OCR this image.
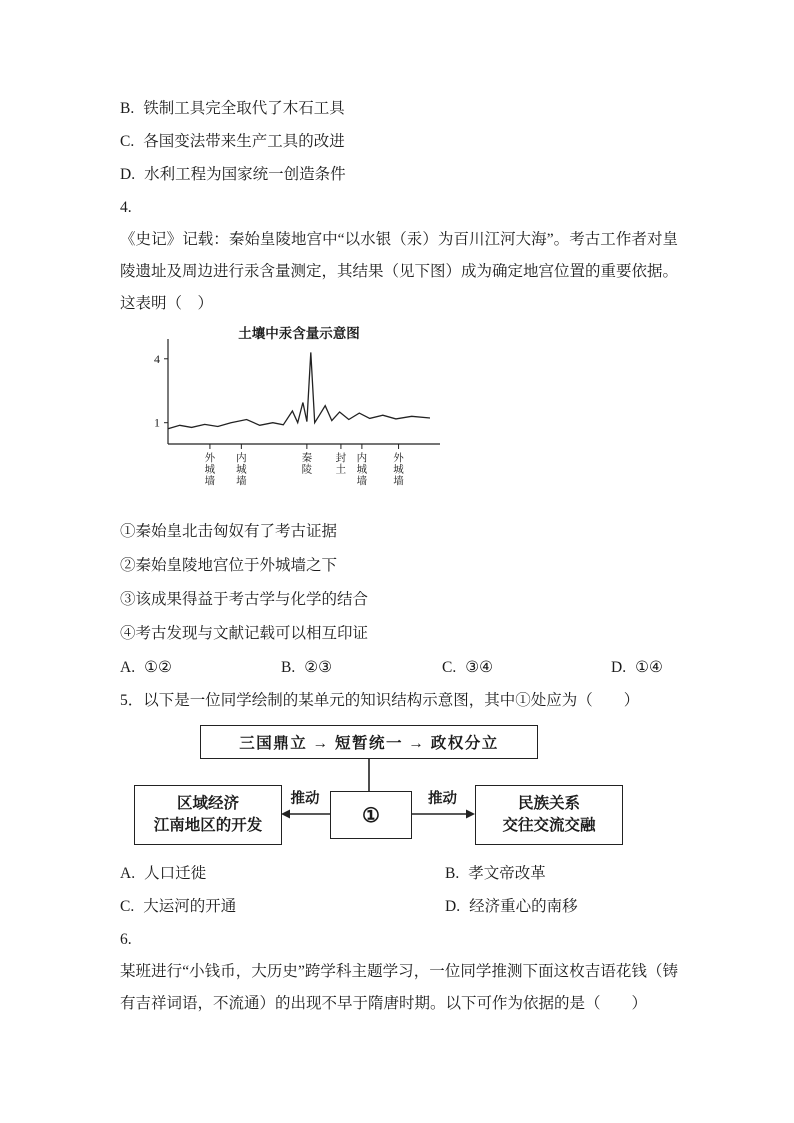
B. 铁制工具完全取代了木石工具
C. 各国变法带来生产工具的改进
D. 水利工程为国家统一创造条件
4.
《史记》记载：秦始皇陵地宫中“以水银（汞）为百川江河大海”。考古工作者对皇陵遗址及周边进行汞含量测定，其结果（见下图）成为确定地宫位置的重要依据。这表明（　）
土壤中汞含量示意图
1
4
外
城
墙
内
城
墙
秦
陵
封
土
内
城
墙
外
城
墙
①秦始皇北击匈奴有了考古证据
②秦始皇陵地宫位于外城墙之下
③该成果得益于考古学与化学的结合
④考古发现与文献记载可以相互印证
A. ①②	B. ②③	C. ③④	D. ①④
5．以下是一位同学绘制的某单元的知识结构示意图，其中①处应为（　　）
三国鼎立 → 短暂统一 → 政权分立
区域经济
江南地区的开发	①
民族关系
交往交流交融
推动	推动
A. 人口迁徙	B. 孝文帝改革
C. 大运河的开通	D. 经济重心的南移
6.
某班进行“小钱币，大历史”跨学科主题学习，一位同学推测下面这枚吉语花钱（铸有吉祥词语，不流通）的出现不早于隋唐时期。以下可作为依据的是（　　）
